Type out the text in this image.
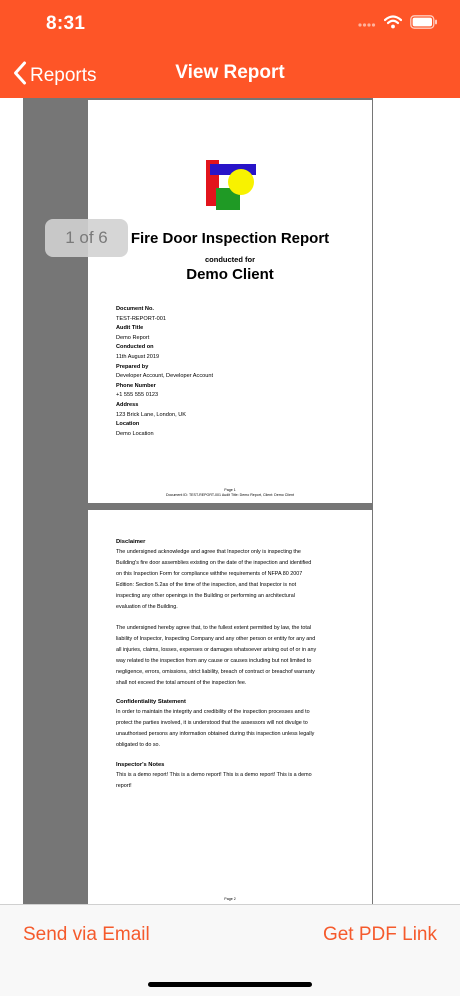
8:31
Reports	View Report
Fire Door Inspection Report
conducted for
Demo Client
Document No.
TEST-REPORT-001
Audit Title
Demo Report
Conducted on
11th August 2019
Prepared by
Developer Account, Developer Account
Phone Number
+1 555 555 0123
Address
123 Brick Lane, London, UK
Location
Demo Location
Page 1
Document ID: TEST-REPORT-001 Audit Title: Demo Report, Client: Demo Client
Disclaimer
The undersigned acknowledge and agree that Inspector only is inspecting the
Building's fire door assemblies existing on the date of the inspection and identified
on this Inspection Form for compliance withthe requirements of NFPA 80 2007
Edition: Section 5.2as of the time of the inspection, and that Inspector is not
inspecting any other openings in the Building or performing an architectural
evaluation of the Building.
The undersigned hereby agree that, to the fullest extent permitted by law, the total
liability of Inspector, Inspecting Company and any other person or entity for any and
all injuries, claims, losses, expenses or damages whatsoever arising out of or in any
way related to the inspection from any cause or causes including but not limited to
negligence, errors, omissions, strict liability, breach of contract or breachof warranty
shall not exceed the total amount of the inspection fee.
Confidentiality Statement
In order to maintain the integrity and credibility of the inspection processes and to
protect the parties involved, it is understood that the assessors will not divulge to
unauthorised persons any information obtained during this inspection unless legally
obligated to do so.
Inspector's Notes
This is a demo report! This is a demo report! This is a demo report! This is a demo
report!
Page 2
1 of 6
Send via Email	Get PDF Link
